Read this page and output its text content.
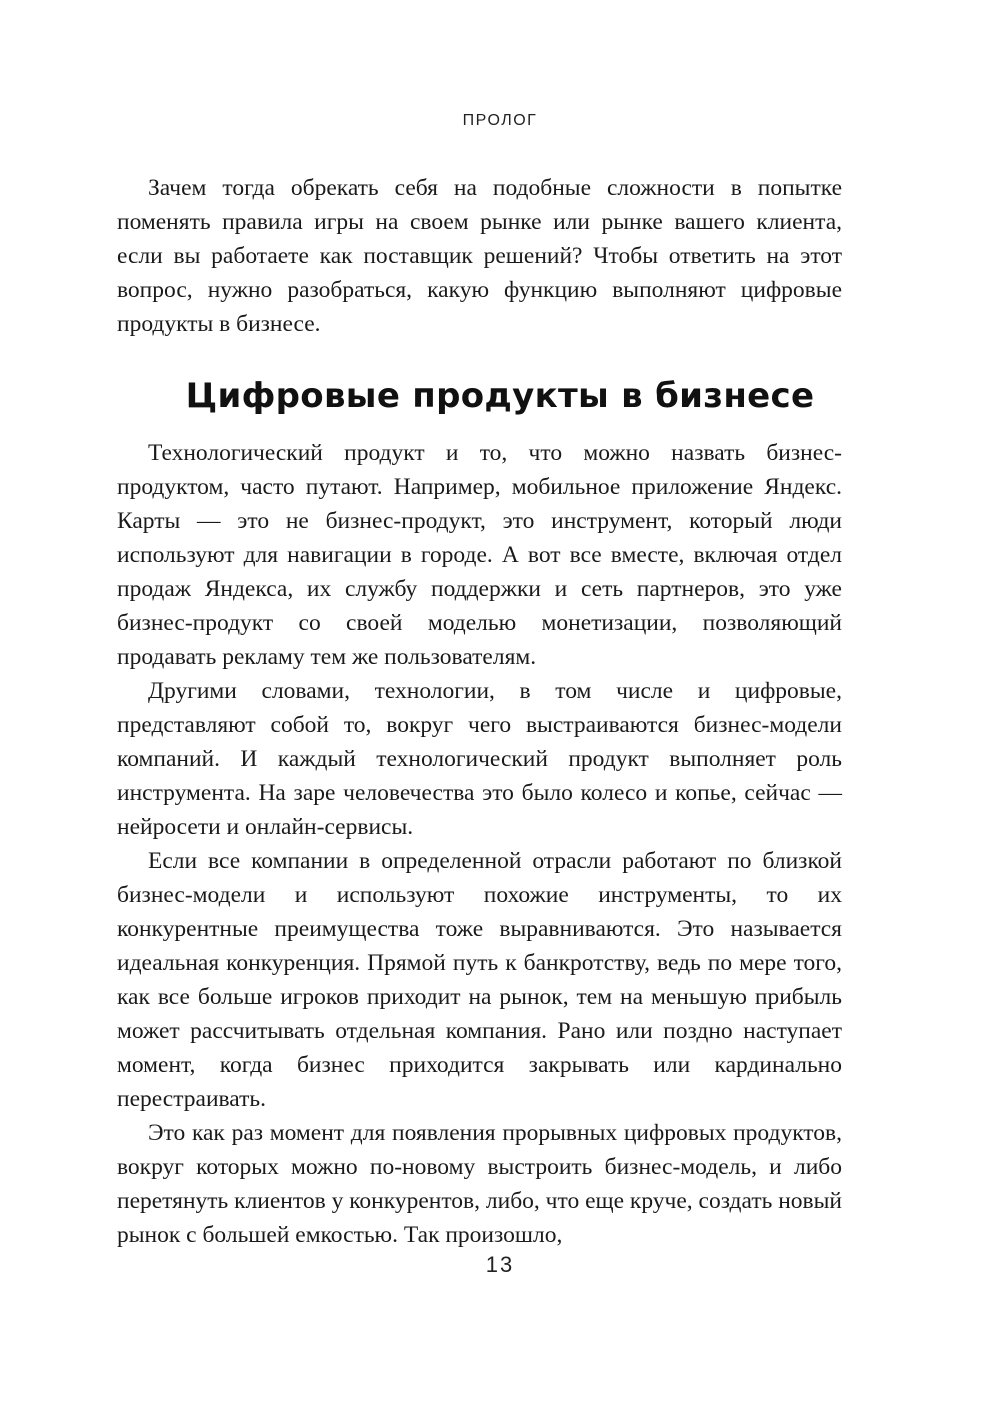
ПРОЛОГ

Зачем тогда обрекать себя на подобные сложности в попытке поменять правила игры на своем рынке или рынке вашего клиента, если вы работаете как поставщик решений? Чтобы ответить на этот вопрос, нужно разобраться, какую функцию выполняют цифровые продукты в бизнесе.

Цифровые продукты в бизнесе

Технологический продукт и то, что можно назвать бизнес-продуктом, часто путают. Например, мобильное приложение Яндекс. Карты — это не бизнес-продукт, это инструмент, который люди используют для навигации в городе. А вот все вместе, включая отдел продаж Яндекса, их службу поддержки и сеть партнеров, это уже бизнес-продукт со своей моделью монетизации, позволяющий продавать рекламу тем же пользователям.

Другими словами, технологии, в том числе и цифровые, представляют собой то, вокруг чего выстраиваются бизнес-модели компаний. И каждый технологический продукт выполняет роль инструмента. На заре человечества это было колесо и копье, сейчас — нейросети и онлайн-сервисы.

Если все компании в определенной отрасли работают по близкой бизнес-модели и используют похожие инструменты, то их конкурентные преимущества тоже выравниваются. Это называется идеальная конкуренция. Прямой путь к банкротству, ведь по мере того, как все больше игроков приходит на рынок, тем на меньшую прибыль может рассчитывать отдельная компания. Рано или поздно наступает момент, когда бизнес приходится закрывать или кардинально перестраивать.

Это как раз момент для появления прорывных цифровых продуктов, вокруг которых можно по-новому выстроить бизнес-модель, и либо перетянуть клиентов у конкурентов, либо, что еще круче, создать новый рынок с большей емкостью. Так произошло,

13
